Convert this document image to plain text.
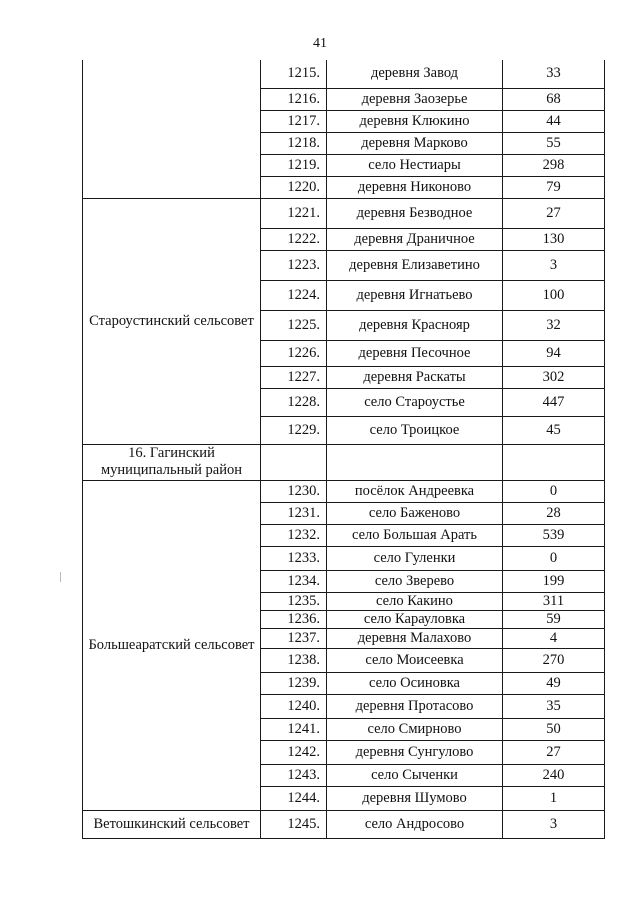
41
	1215.	деревня Завод	33
	1216.	деревня Заозерье	68
	1217.	деревня Клюкино	44
	1218.	деревня Марково	55
	1219.	село Нестиары	298
	1220.	деревня Никоново	79
Староустинский сельсовет	1221.	деревня Безводное	27
	1222.	деревня Драничное	130
	1223.	деревня Елизаветино	3
	1224.	деревня Игнатьево	100
	1225.	деревня Краснояр	32
	1226.	деревня Песочное	94
	1227.	деревня Раскаты	302
	1228.	село Староустье	447
	1229.	село Троицкое	45
16. Гагинский муниципальный район			
Большеаратский сельсовет	1230.	посёлок Андреевка	0
	1231.	село Баженово	28
	1232.	село Большая Арать	539
	1233.	село Гуленки	0
	1234.	село Зверево	199
	1235.	село Какино	311
	1236.	село Карауловка	59
	1237.	деревня Малахово	4
	1238.	село Моисеевка	270
	1239.	село Осиновка	49
	1240.	деревня Протасово	35
	1241.	село Смирново	50
	1242.	деревня Сунгулово	27
	1243.	село Сыченки	240
	1244.	деревня Шумово	1
Ветошкинский сельсовет	1245.	село Андросово	3
